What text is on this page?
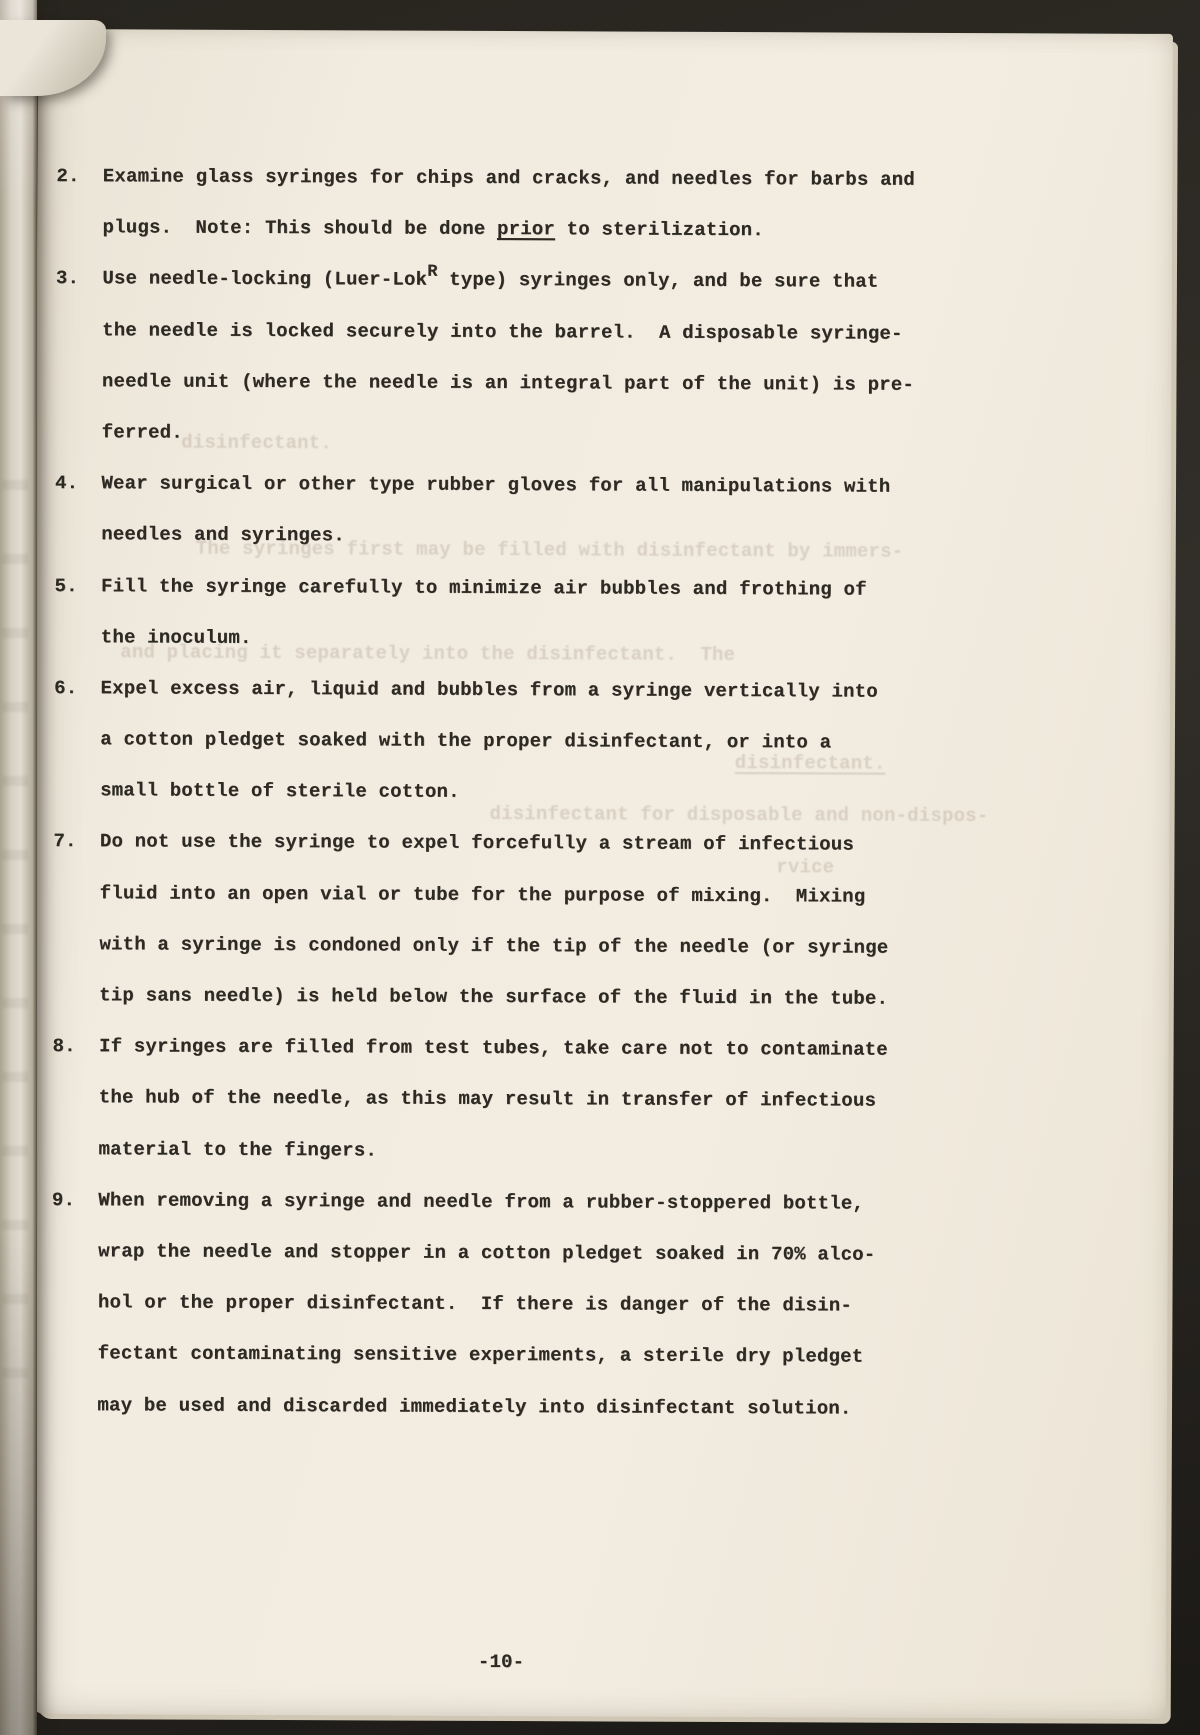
disinfectant.
The syringes first may be filled with disinfectant by immers-
and placing it separately into the disinfectant.  The
disinfectant.
disinfectant for disposable and non-dispos-
rvice
2.  Examine glass syringes for chips and cracks, and needles for barbs and
plugs.  Note: This should be done prior to sterilization.
3.  Use needle-locking (Luer-LokR type) syringes only, and be sure that
the needle is locked securely into the barrel.  A disposable syringe-
needle unit (where the needle is an integral part of the unit) is pre-
ferred.
4.  Wear surgical or other type rubber gloves for all manipulations with
needles and syringes.
5.  Fill the syringe carefully to minimize air bubbles and frothing of
the inoculum.
6.  Expel excess air, liquid and bubbles from a syringe vertically into
a cotton pledget soaked with the proper disinfectant, or into a
small bottle of sterile cotton.
7.  Do not use the syringe to expel forcefully a stream of infectious
fluid into an open vial or tube for the purpose of mixing.  Mixing
with a syringe is condoned only if the tip of the needle (or syringe
tip sans needle) is held below the surface of the fluid in the tube.
8.  If syringes are filled from test tubes, take care not to contaminate
the hub of the needle, as this may result in transfer of infectious
material to the fingers.
9.  When removing a syringe and needle from a rubber-stoppered bottle,
wrap the needle and stopper in a cotton pledget soaked in 70% alco-
hol or the proper disinfectant.  If there is danger of the disin-
fectant contaminating sensitive experiments, a sterile dry pledget
may be used and discarded immediately into disinfectant solution.
-10-
